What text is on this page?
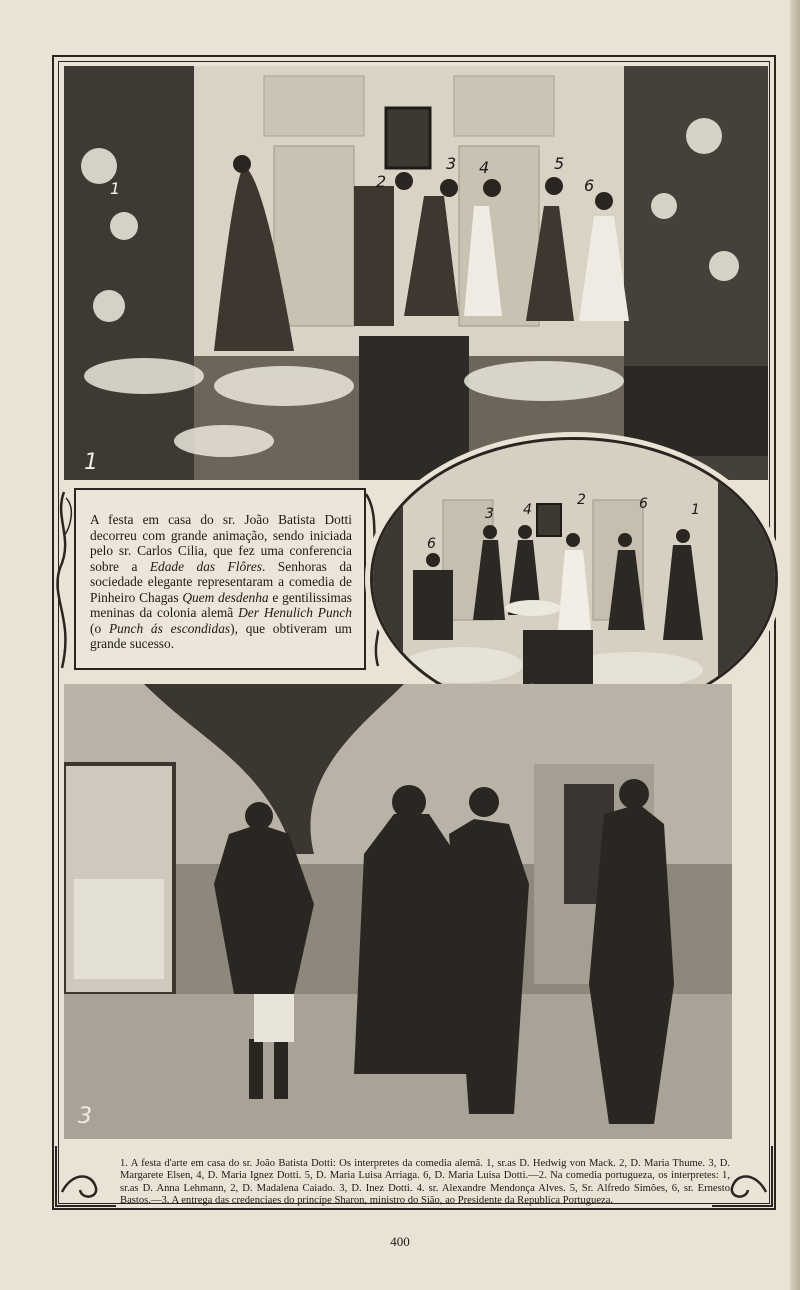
1	2
3 4	5
6
1

A festa em casa do sr. João Batista Dotti decorreu com grande animação, sendo iniciada pelo sr. Carlos Cilia, que fez uma conferencia sobre a Edade das Flôres. Senhoras da sociedade elegante representaram a comedia de Pinheiro Chagas Quem desdenha e gentilissimas meninas da colonia alemã Der Henulich Punch (o Punch ás escondidas), que obtiveram um grande sucesso.

6
3 4
2	6	1
3

1. A festa d'arte em casa do sr. João Batista Dotti: Os interpretes da comedia alemã. 1, sr.as D. Hedwig von Mack. 2, D. Maria Thume. 3, D. Margarete Elsen, 4, D. Maria Ignez Dotti. 5, D. Maria Luisa Arriaga. 6, D. Maria Luisa Dotti.—2. Na comedia portugueza, os interpretes: 1, sr.as D. Anna Lehmann, 2, D. Madalena Caiado. 3, D. Inez Dotti. 4. sr. Alexandre Mendonça Alves. 5, Sr. Alfredo Simões, 6, sr. Ernesto Bastos.—3. A entrega das credenciaes do principe Sharon, ministro do Sião, ao Presidente da Republica Portugueza.

400
